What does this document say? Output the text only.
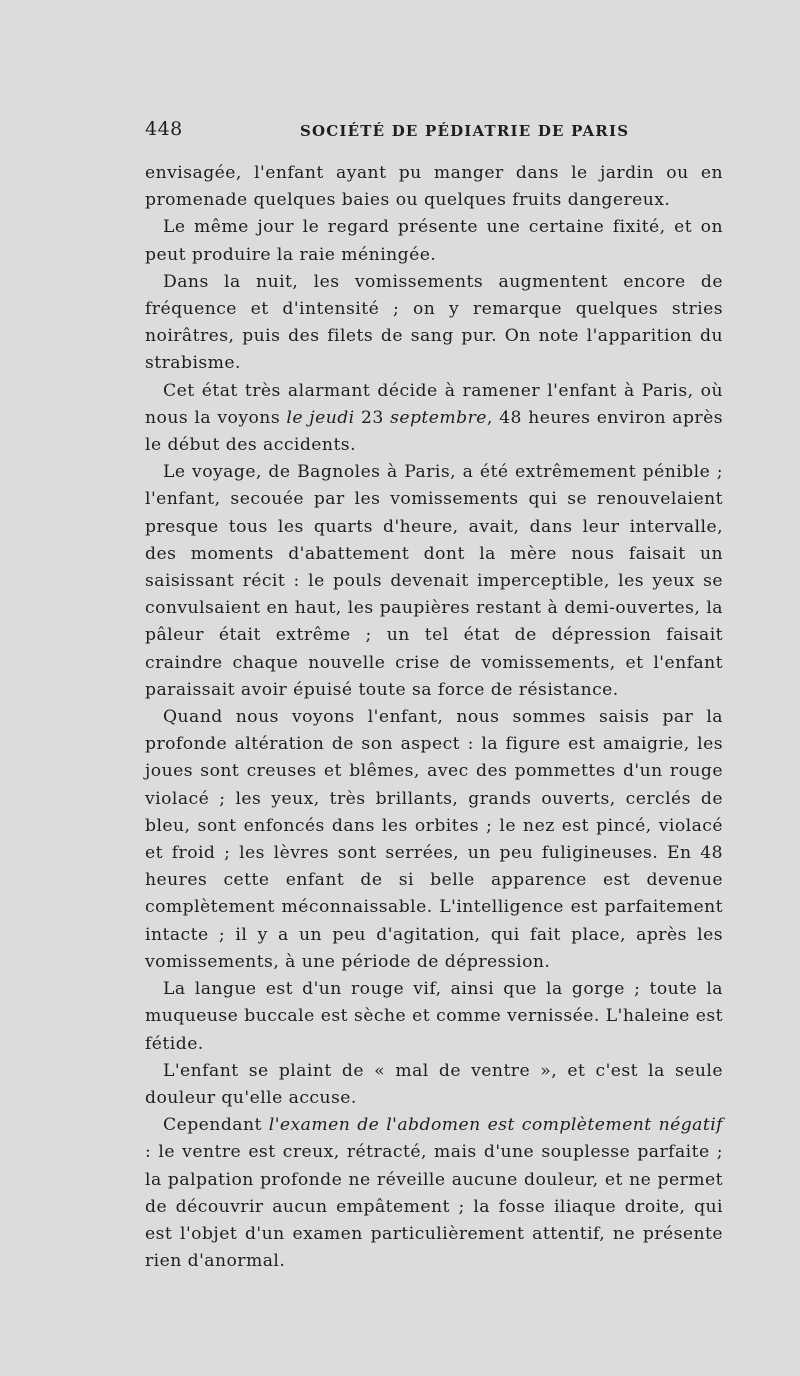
448	SOCIÉTÉ DE PÉDIATRIE DE PARIS

envisagée, l'enfant ayant pu manger dans le jardin ou en promenade quelques baies ou quelques fruits dangereux.

Le même jour le regard présente une certaine fixité, et on peut produire la raie méningée.

Dans la nuit, les vomissements augmentent encore de fréquence et d'intensité ; on y remarque quelques stries noirâtres, puis des filets de sang pur. On note l'apparition du strabisme.

Cet état très alarmant décide à ramener l'enfant à Paris, où nous la voyons le jeudi 23 septembre, 48 heures environ après le début des accidents.

Le voyage, de Bagnoles à Paris, a été extrêmement pénible ; l'enfant, secouée par les vomissements qui se renouvelaient presque tous les quarts d'heure, avait, dans leur intervalle, des moments d'abattement dont la mère nous faisait un saisissant récit : le pouls devenait imperceptible, les yeux se convulsaient en haut, les paupières restant à demi-ouvertes, la pâleur était extrême ; un tel état de dépression faisait craindre chaque nouvelle crise de vomissements, et l'enfant paraissait avoir épuisé toute sa force de résistance.

Quand nous voyons l'enfant, nous sommes saisis par la profonde altération de son aspect : la figure est amaigrie, les joues sont creuses et blêmes, avec des pommettes d'un rouge violacé ; les yeux, très brillants, grands ouverts, cerclés de bleu, sont enfoncés dans les orbites ; le nez est pincé, violacé et froid ; les lèvres sont serrées, un peu fuligineuses. En 48 heures cette enfant de si belle apparence est devenue complètement méconnaissable. L'intelligence est parfaitement intacte ; il y a un peu d'agitation, qui fait place, après les vomissements, à une période de dépression.

La langue est d'un rouge vif, ainsi que la gorge ; toute la muqueuse buccale est sèche et comme vernissée. L'haleine est fétide.

L'enfant se plaint de « mal de ventre », et c'est la seule douleur qu'elle accuse.

Cependant l'examen de l'abdomen est complètement négatif : le ventre est creux, rétracté, mais d'une souplesse parfaite ; la palpation profonde ne réveille aucune douleur, et ne permet de découvrir aucun empâtement ; la fosse iliaque droite, qui est l'objet d'un examen particulièrement attentif, ne présente rien d'anormal.
